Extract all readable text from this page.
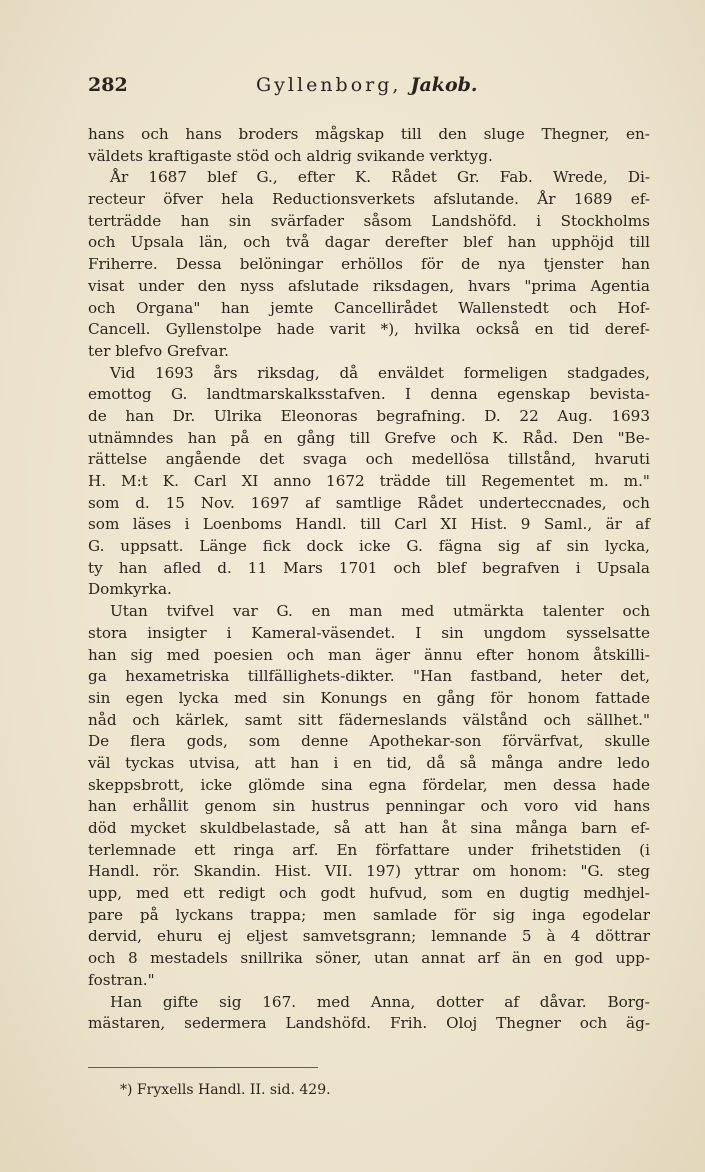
282	Gyllenborg, Jakob.
hans och hans broders mågskap till den sluge Thegner, en-
väldets kraftigaste stöd och aldrig svikande verktyg.
År 1687 blef G., efter K. Rådet Gr. Fab. Wrede, Di-
recteur öfver hela Reductionsverkets afslutande. År 1689 ef-
terträdde han sin svärfader såsom Landshöfd. i Stockholms
och Upsala län, och två dagar derefter blef han upphöjd till
Friherre. Dessa belöningar erhöllos för de nya tjenster han
visat under den nyss afslutade riksdagen, hvars "prima Agentia
och Organa" han jemte Cancellirådet Wallenstedt och Hof-
Cancell. Gyllenstolpe hade varit *), hvilka också en tid deref-
ter blefvo Grefvar.
Vid 1693 års riksdag, då enväldet formeligen stadgades,
emottog G. landtmarskalksstafven. I denna egenskap bevista-
de han Dr. Ulrika Eleonoras begrafning. D. 22 Aug. 1693
utnämndes han på en gång till Grefve och K. Råd. Den "Be-
rättelse angående det svaga och medellösa tillstånd, hvaruti
H. M:t K. Carl XI anno 1672 trädde till Regementet m. m."
som d. 15 Nov. 1697 af samtlige Rådet underteccnades, och
som läses i Loenboms Handl. till Carl XI Hist. 9 Saml., är af
G. uppsatt. Länge fick dock icke G. fägna sig af sin lycka,
ty han afled d. 11 Mars 1701 och blef begrafven i Upsala
Domkyrka.
Utan tvifvel var G. en man med utmärkta talenter och
stora insigter i Kameral-väsendet. I sin ungdom sysselsatte
han sig med poesien och man äger ännu efter honom åtskilli-
ga hexametriska tillfällighets-dikter. "Han fastband, heter det,
sin egen lycka med sin Konungs en gång för honom fattade
nåd och kärlek, samt sitt fäderneslands välstånd och sällhet."
De flera gods, som denne Apothekar-son förvärfvat, skulle
väl tyckas utvisa, att han i en tid, då så många andre ledo
skeppsbrott, icke glömde sina egna fördelar, men dessa hade
han erhållit genom sin hustrus penningar och voro vid hans
död mycket skuldbelastade, så att han åt sina många barn ef-
terlemnade ett ringa arf. En författare under frihetstiden (i
Handl. rör. Skandin. Hist. VII. 197) yttrar om honom: "G. steg
upp, med ett redigt och godt hufvud, som en dugtig medhjel-
pare på lyckans trappa; men samlade för sig inga egodelar
dervid, ehuru ej eljest samvetsgrann; lemnande 5 à 4 döttrar
och 8 mestadels snillrika söner, utan annat arf än en god upp-
fostran."
Han gifte sig 167. med Anna, dotter af dåvar. Borg-
mästaren, sedermera Landshöfd. Frih. Oloj Thegner och äg-
*) Fryxells Handl. II. sid. 429.
